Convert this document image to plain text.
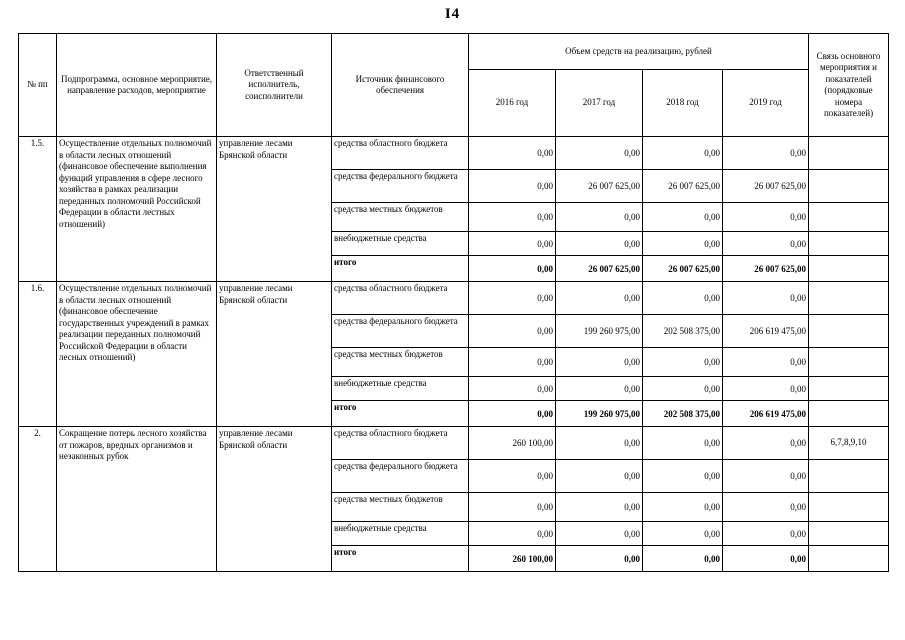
I4
№ пп	Подпрограмма, основное мероприятие, направление расходов, мероприятие	Ответственный исполнитель, соисполнители	Источник финансового обеспечения	Объем средств на реализацию, рублей				Связь основного мероприятия и показателей (порядковые номера показателей)
				2016 год	2017 год	2018 год	2019 год	
1.5.	Осуществление отдельных полномочий в области лесных отношений (финансовое обеспечение выполнения функций управления в сфере лесного хозяйства в рамках реализации переданных полномочий Российской Федерации в области лестных отношений)	управление лесами Брянской области	средства областного бюджета	0,00	0,00	0,00	0,00	
			средства федерального бюджета	0,00	26 007 625,00	26 007 625,00	26 007 625,00	
			средства местных бюджетов	0,00	0,00	0,00	0,00	
			внебюджетные средства	0,00	0,00	0,00	0,00	
			итого	0,00	26 007 625,00	26 007 625,00	26 007 625,00	
1.6.	Осуществление отдельных полномочий в области лесных отношений (финансовое обеспечение государственных учреждений в рамках реализации переданных полномочий Российской Федерации в области лесных отношений)	управление лесами Брянской области	средства областного бюджета	0,00	0,00	0,00	0,00	
			средства федерального бюджета	0,00	199 260 975,00	202 508 375,00	206 619 475,00	
			средства местных бюджетов	0,00	0,00	0,00	0,00	
			внебюджетные средства	0,00	0,00	0,00	0,00	
			итого	0,00	199 260 975,00	202 508 375,00	206 619 475,00	
2.	Сокращение потерь лесного хозяйства от пожаров, вредных организмов и незаконных рубок	управление лесами Брянской области	средства областного бюджета	260 100,00	0,00	0,00	0,00	6,7,8,9,10
			средства федерального бюджета	0,00	0,00	0,00	0,00	
			средства местных бюджетов	0,00	0,00	0,00	0,00	
			внебюджетные средства	0,00	0,00	0,00	0,00	
			итого	260 100,00	0,00	0,00	0,00	
